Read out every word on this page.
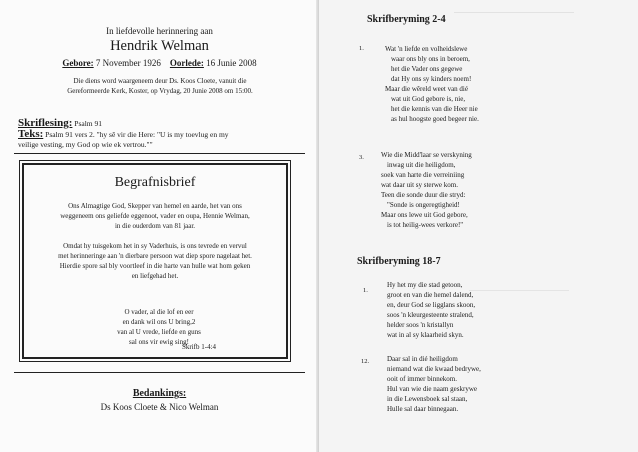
In liefdevolle herinnering aan
Hendrik Welman
Gebore: 7 November 1926 Oorlede: 16 Junie 2008
Die diens word waargeneem deur Ds. Koos Cloete, vanuit die
Gereformeerde Kerk, Koster, op Vrydag, 20 Junie 2008 om 15:00.
Skriflesing: Psalm 91
Teks: Psalm 91 vers 2. "hy sê vir die Here: "U is my toevlug en my
veilige vesting, my God op wie ek vertrou.""
Begrafnisbrief
Ons Almagtige God, Skepper van hemel en aarde, het van ons
weggeneem ons geliefde eggenoot, vader en oupa, Hennie Welman,
in die ouderdom van 81 jaar.
Omdat hy tuisgekom het in sy Vaderhuis, is ons tevrede en vervul
met herinneringe aan 'n dierbare persoon wat diep spore nagelaat het.
Hierdie spore sal bly voortleef in die harte van hulle wat hom geken
en liefgehad het.
O vader, al die lof en eer
en dank wil ons U bring,2
van al U vrede, liefde en guns
sal ons vir ewig sing!
Skrifb 1-4:4
Bedankings:
Ds Koos Cloete & Nico Welman
Skrifberyming 2-4
1.	Wat 'n liefde en volheidslewe
waar ons bly ons in beroem,
het die Vader ons gegewe
dat Hy ons sy kinders noem!
Maar die wêreld weet van dié
wat uit God gebore is, nie,
het die kennis van die Heer nie
as hul hoogste goed begeer nie.
3. Wie die Midd'laar se verskyning
inwag uit die heiligdom,
soek van harte die verreiniing
wat daar uit sy sterwe kom.
Teen die sonde duur die stryd:
"Sonde is ongeregtigheid!
Maar ons lewe uit God gebore,
is tot heilig-wees verkore!"
Skrifberyming 18-7
1.
Hy het my die stad getoon,
groot en van die hemel dalend,
en, deur God se ligglans skoon,
soos 'n kleurgesteente stralend,
helder soos 'n kristallyn
wat in al sy klaarheid skyn.
12.	Daar sal in dié heiligdom
niemand wat die kwaad bedrywe,
ooit of immer binnekom.
Hul van wie die naam geskrywe
in die Lewensboek sal staan,
Hulle sal daar binnegaan.
